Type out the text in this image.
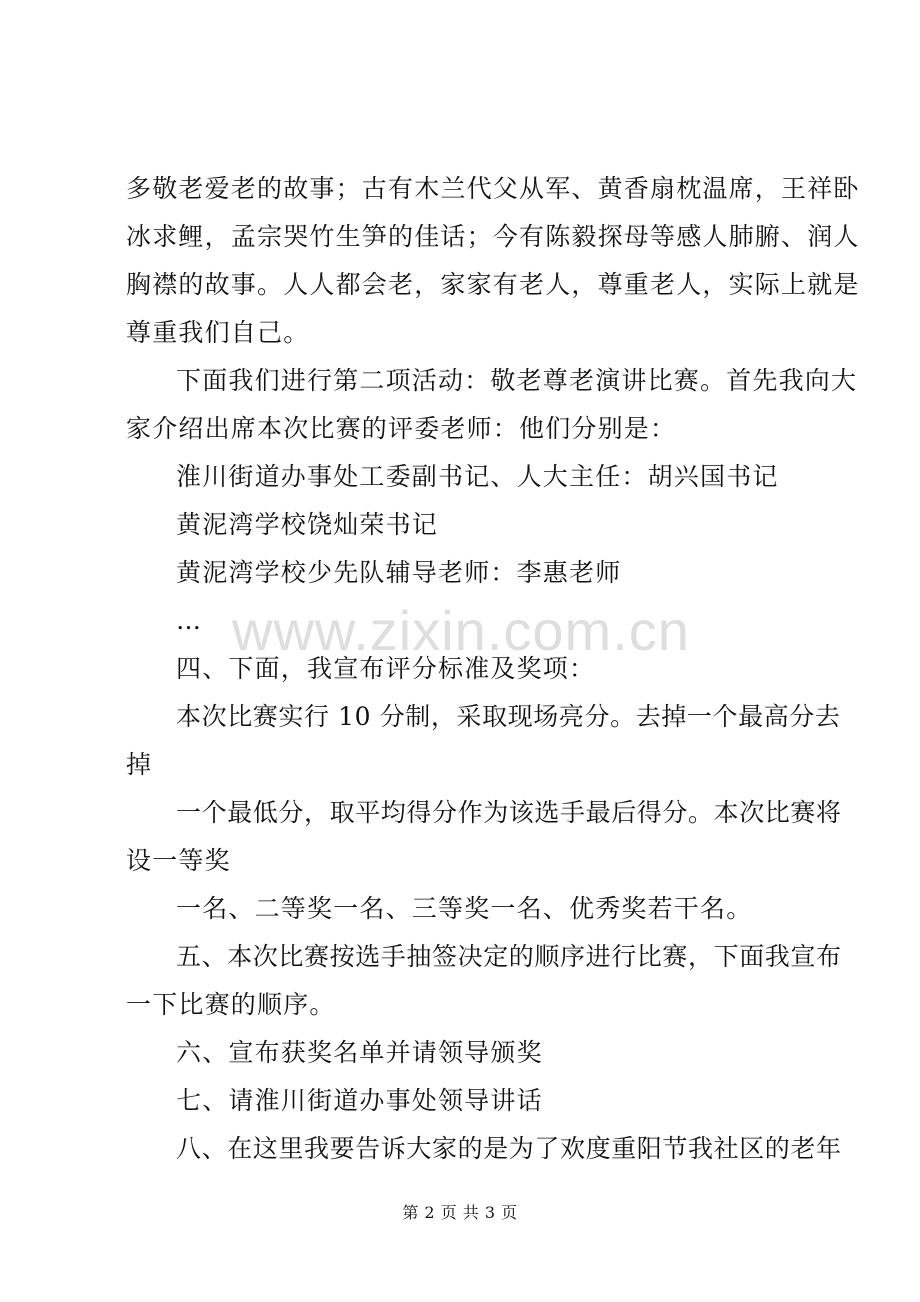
多敬老爱老的故事；古有木兰代父从军、黄香扇枕温席，王祥卧
冰求鲤，孟宗哭竹生笋的佳话；今有陈毅探母等感人肺腑、润人
胸襟的故事。人人都会老，家家有老人，尊重老人，实际上就是
尊重我们自己。
下面我们进行第二项活动：敬老尊老演讲比赛。首先我向大
家介绍出席本次比赛的评委老师：他们分别是：
淮川街道办事处工委副书记、人大主任：胡兴国书记
黄泥湾学校饶灿荣书记
黄泥湾学校少先队辅导老师：李惠老师
…
四、下面，我宣布评分标准及奖项：
本次比赛实行 10 分制，采取现场亮分。去掉一个最高分去
掉
一个最低分，取平均得分作为该选手最后得分。本次比赛将
设一等奖
一名、二等奖一名、三等奖一名、优秀奖若干名。
五、本次比赛按选手抽签决定的顺序进行比赛，下面我宣布
一下比赛的顺序。
六、宣布获奖名单并请领导颁奖
七、请淮川街道办事处领导讲话
八、在这里我要告诉大家的是为了欢度重阳节我社区的老年
www.zixin.com.cn
第 2 页 共 3 页
